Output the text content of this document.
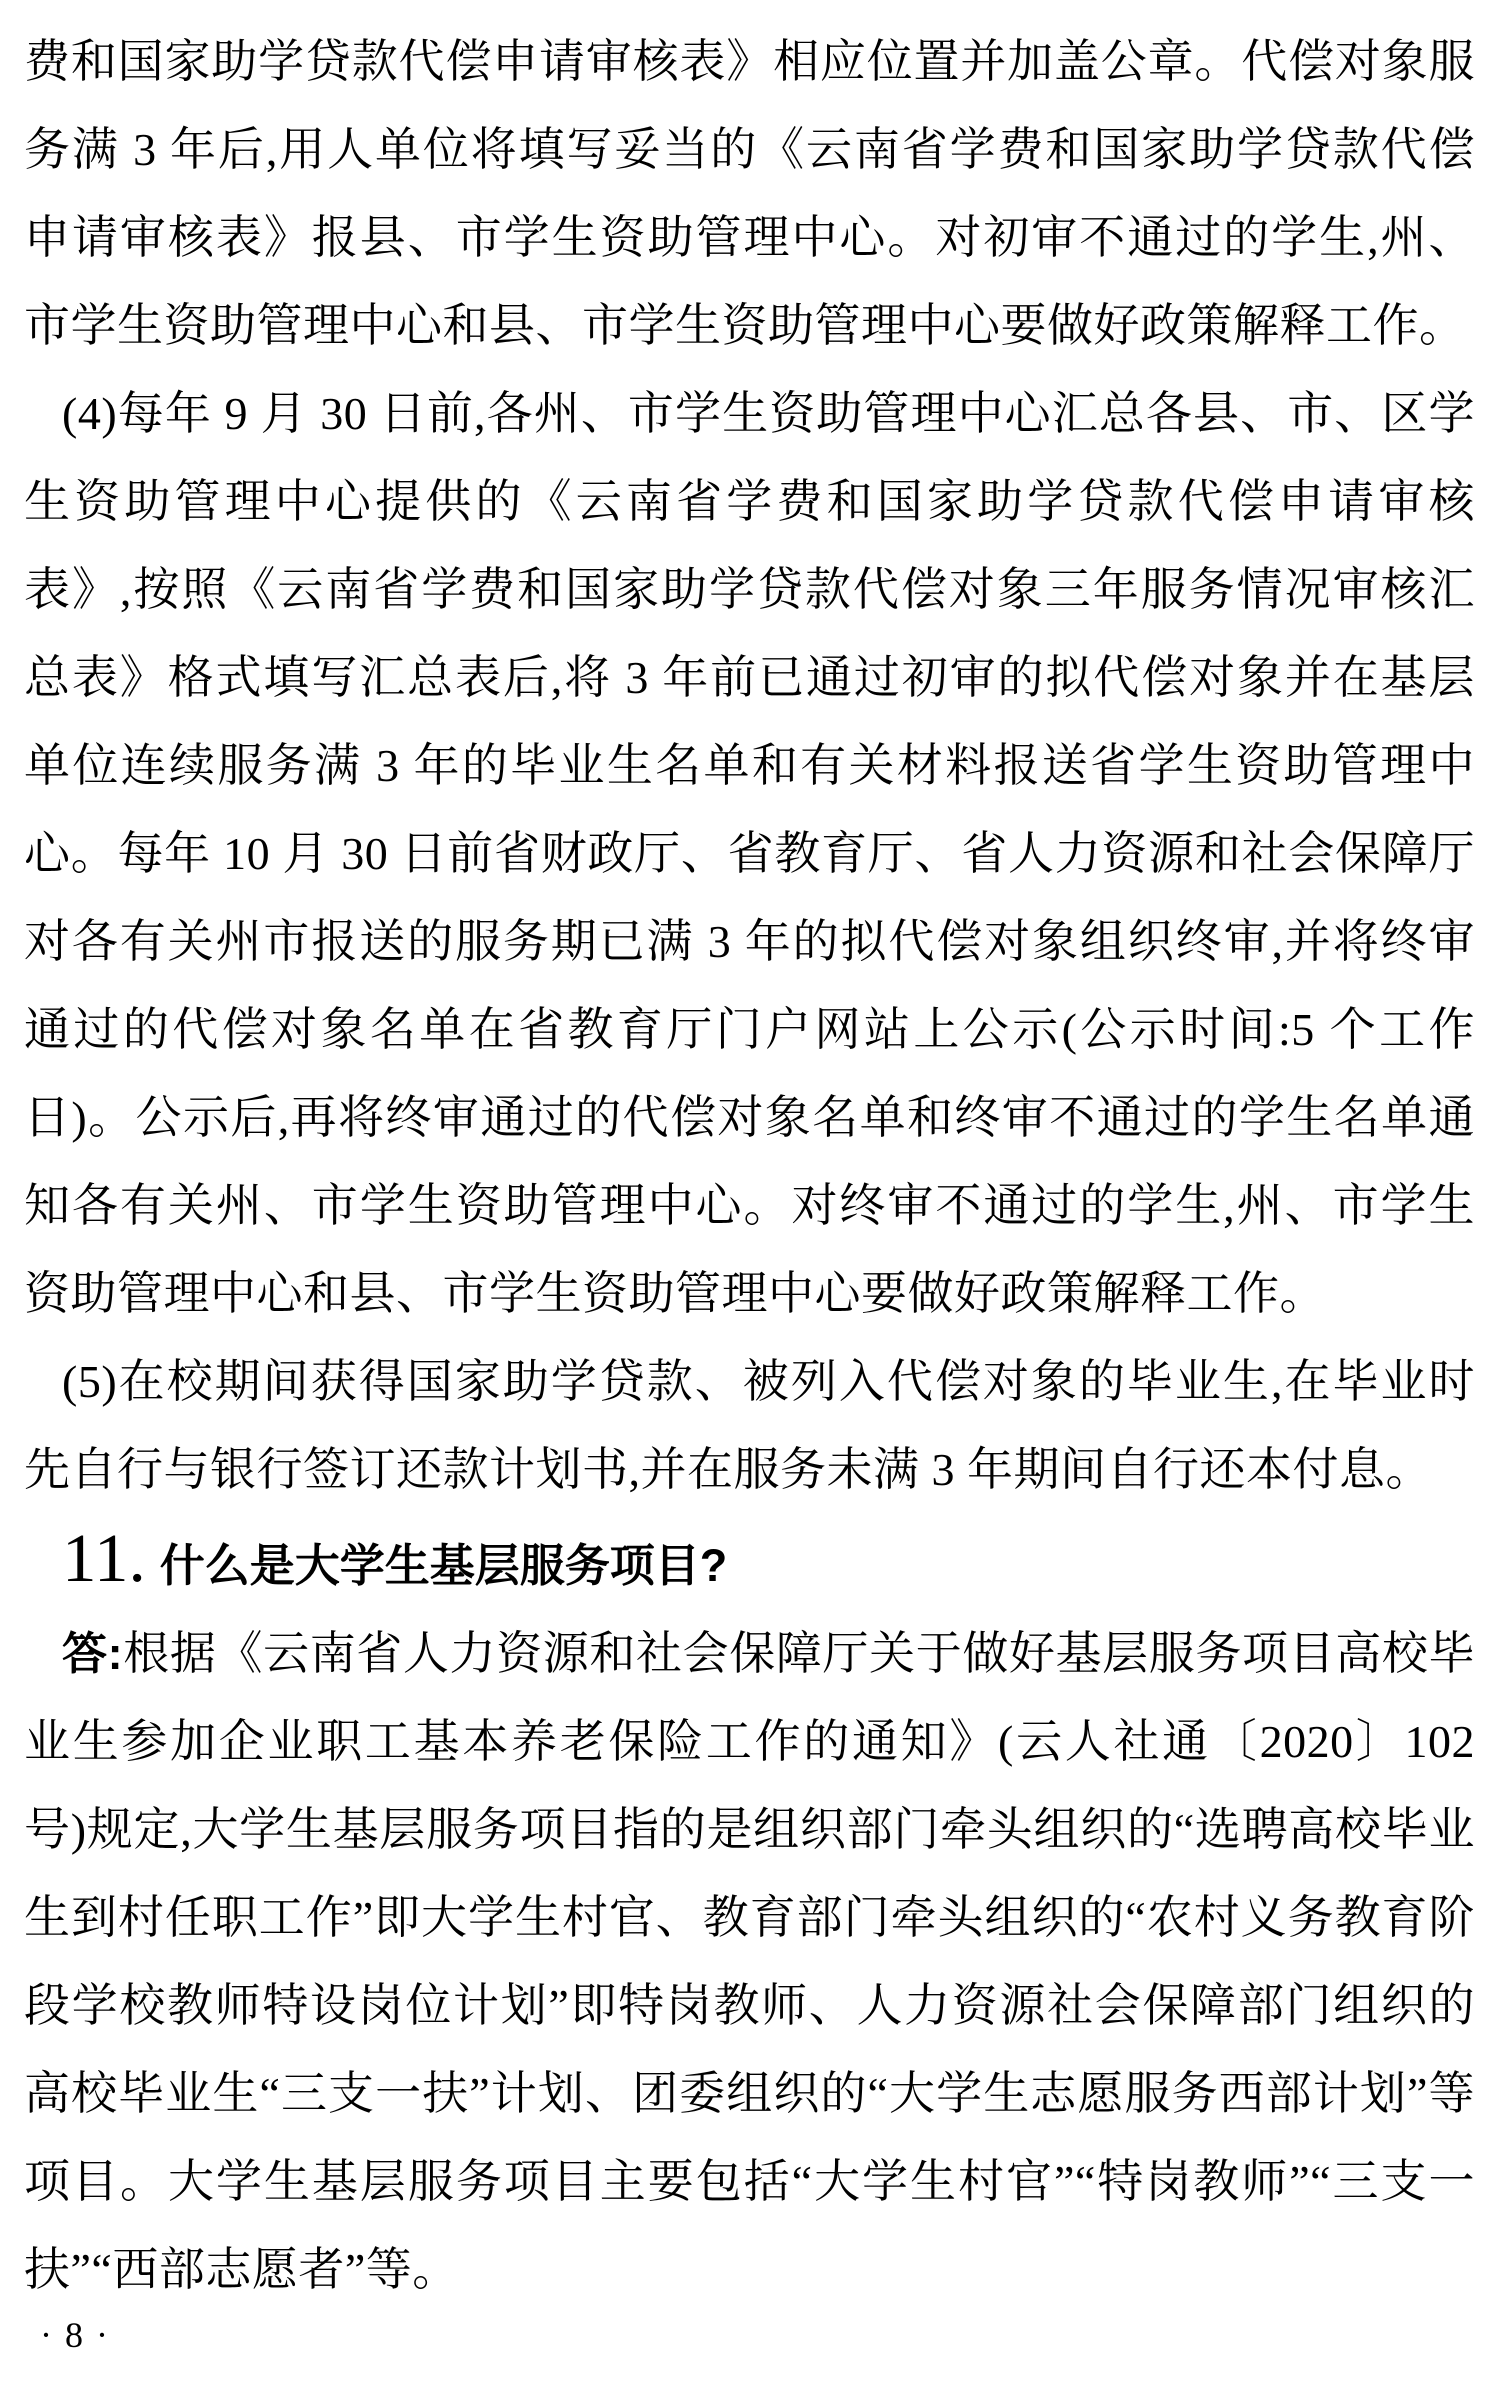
费和国家助学贷款代偿申请审核表》相应位置并加盖公章。代偿对象服务满 3 年后,用人单位将填写妥当的《云南省学费和国家助学贷款代偿申请审核表》报县、市学生资助管理中心。对初审不通过的学生,州、市学生资助管理中心和县、市学生资助管理中心要做好政策解释工作。

(4)每年 9 月 30 日前,各州、市学生资助管理中心汇总各县、市、区学生资助管理中心提供的《云南省学费和国家助学贷款代偿申请审核表》,按照《云南省学费和国家助学贷款代偿对象三年服务情况审核汇总表》格式填写汇总表后,将 3 年前已通过初审的拟代偿对象并在基层单位连续服务满 3 年的毕业生名单和有关材料报送省学生资助管理中心。每年 10 月 30 日前省财政厅、省教育厅、省人力资源和社会保障厅对各有关州市报送的服务期已满 3 年的拟代偿对象组织终审,并将终审通过的代偿对象名单在省教育厅门户网站上公示(公示时间:5 个工作日)。公示后,再将终审通过的代偿对象名单和终审不通过的学生名单通知各有关州、市学生资助管理中心。对终审不通过的学生,州、市学生资助管理中心和县、市学生资助管理中心要做好政策解释工作。

(5)在校期间获得国家助学贷款、被列入代偿对象的毕业生,在毕业时先自行与银行签订还款计划书,并在服务未满 3 年期间自行还本付息。

11. 什么是大学生基层服务项目?

答:根据《云南省人力资源和社会保障厅关于做好基层服务项目高校毕业生参加企业职工基本养老保险工作的通知》(云人社通〔2020〕102 号)规定,大学生基层服务项目指的是组织部门牵头组织的“选聘高校毕业生到村任职工作”即大学生村官、教育部门牵头组织的“农村义务教育阶段学校教师特设岗位计划”即特岗教师、人力资源社会保障部门组织的高校毕业生“三支一扶”计划、团委组织的“大学生志愿服务西部计划”等项目。大学生基层服务项目主要包括“大学生村官”“特岗教师”“三支一扶”“西部志愿者”等。

· 8 ·
